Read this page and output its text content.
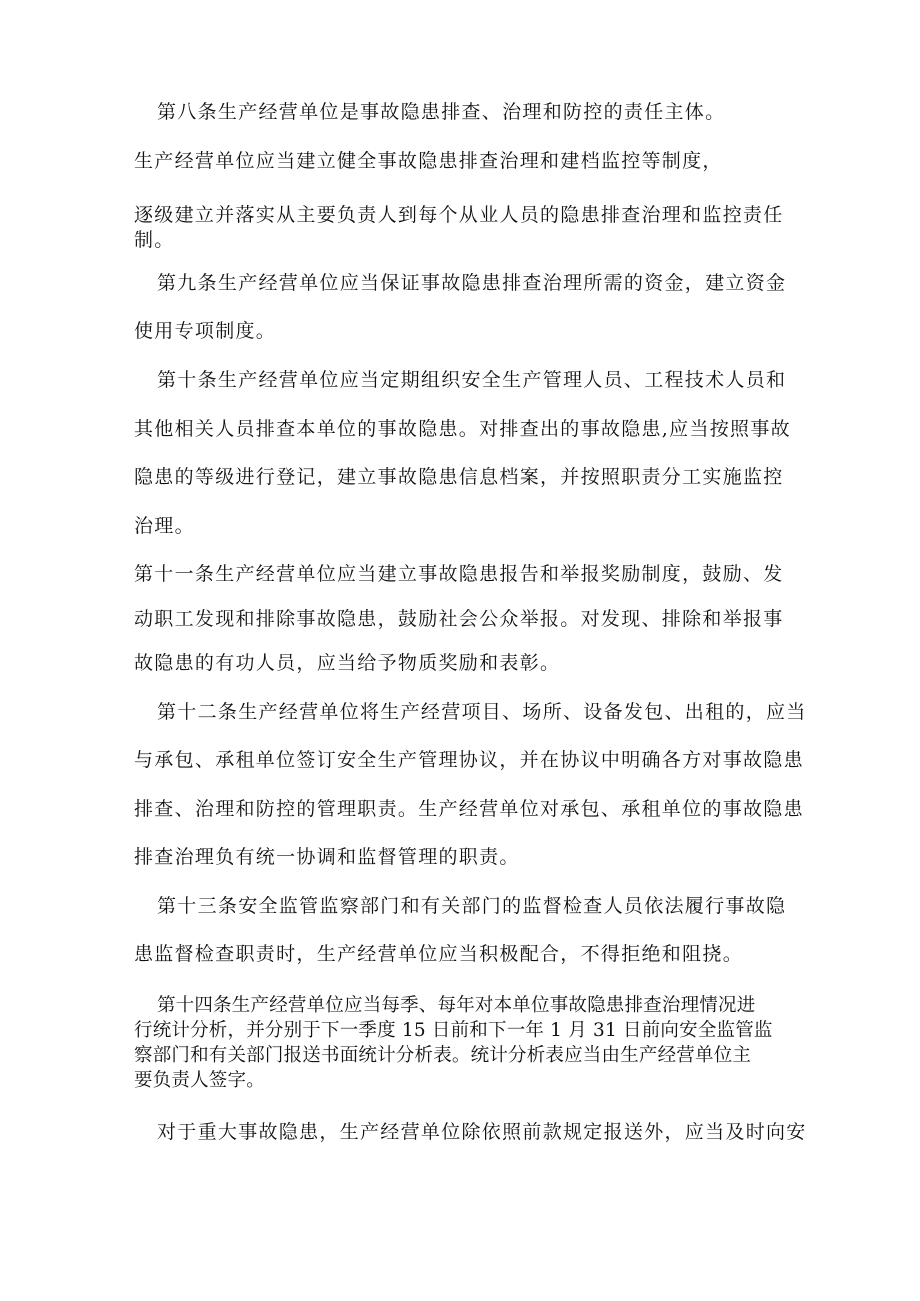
第八条生产经营单位是事故隐患排查、治理和防控的责任主体。

生产经营单位应当建立健全事故隐患排查治理和建档监控等制度，

逐级建立并落实从主要负责人到每个从业人员的隐患排查治理和监控责任

制。

第九条生产经营单位应当保证事故隐患排查治理所需的资金，建立资金

使用专项制度。

第十条生产经营单位应当定期组织安全生产管理人员、工程技术人员和

其他相关人员排查本单位的事故隐患。对排查出的事故隐患,应当按照事故

隐患的等级进行登记，建立事故隐患信息档案，并按照职责分工实施监控

治理。

第十一条生产经营单位应当建立事故隐患报告和举报奖励制度，鼓励、发

动职工发现和排除事故隐患，鼓励社会公众举报。对发现、排除和举报事

故隐患的有功人员，应当给予物质奖励和表彰。

第十二条生产经营单位将生产经营项目、场所、设备发包、出租的，应当

与承包、承租单位签订安全生产管理协议，并在协议中明确各方对事故隐患

排查、治理和防控的管理职责。生产经营单位对承包、承租单位的事故隐患

排查治理负有统一协调和监督管理的职责。

第十三条安全监管监察部门和有关部门的监督检查人员依法履行事故隐

患监督检查职责时，生产经营单位应当积极配合，不得拒绝和阻挠。

第十四条生产经营单位应当每季、每年对本单位事故隐患排查治理情况进

行统计分析，并分别于下一季度 15 日前和下一年 1 月 31 日前向安全监管监

察部门和有关部门报送书面统计分析表。统计分析表应当由生产经营单位主

要负责人签字。

对于重大事故隐患，生产经营单位除依照前款规定报送外，应当及时向安
